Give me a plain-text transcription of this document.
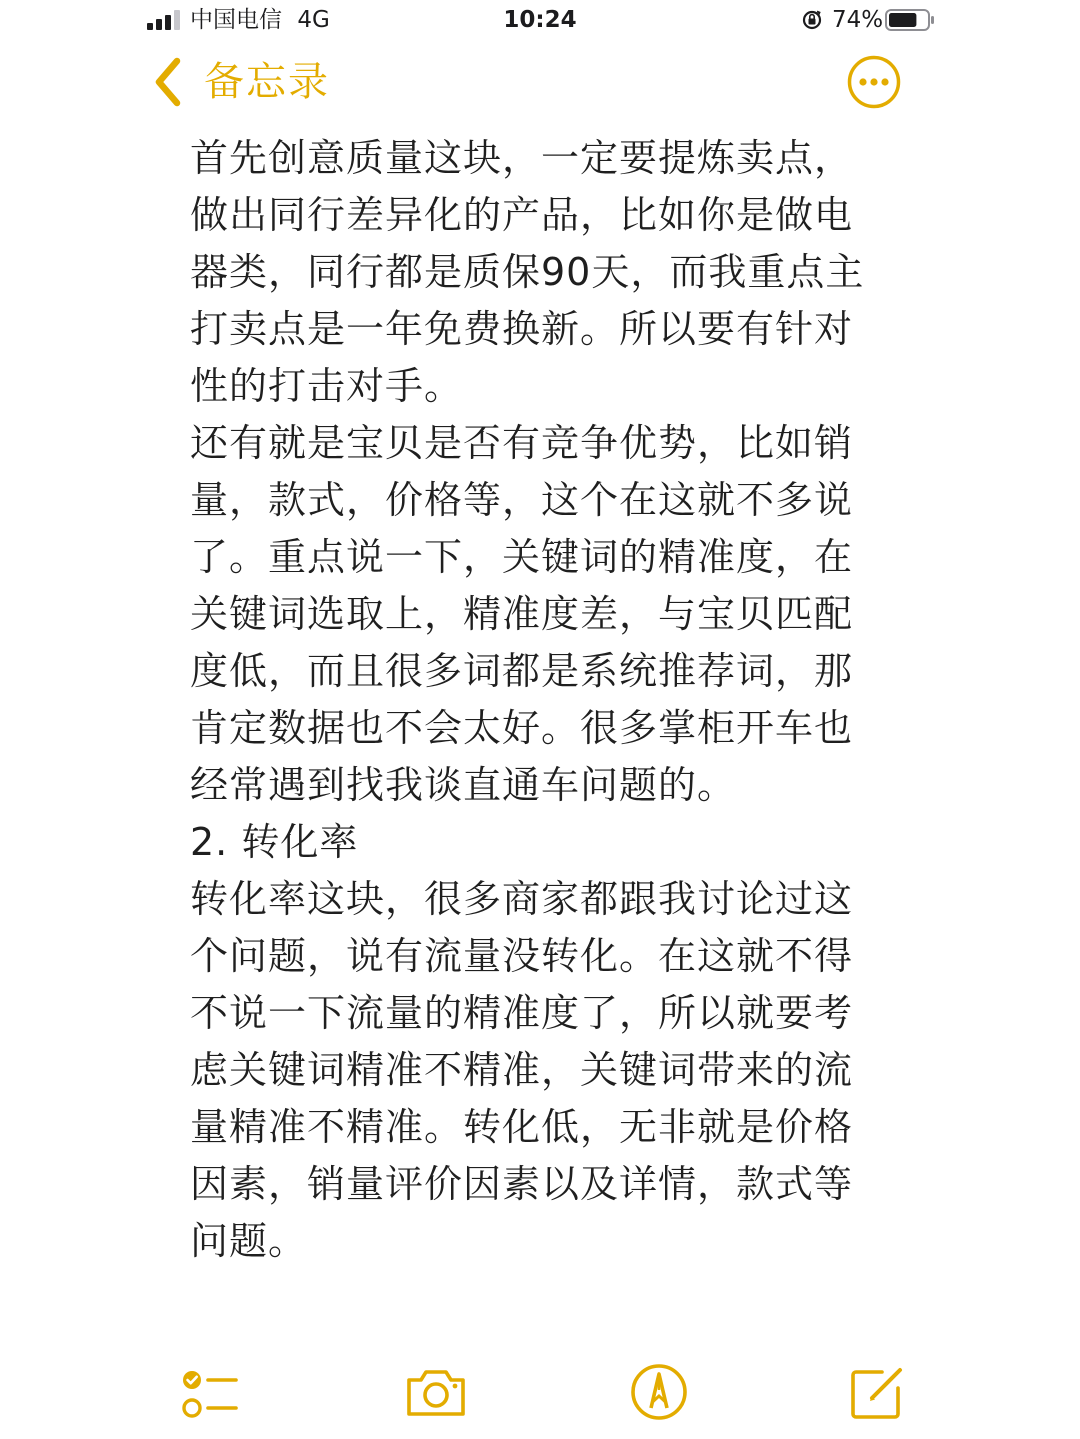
中国电信 4G	10:24	74%
备忘录

首先创意质量这块，一定要提炼卖点，做出同行差异化的产品，比如你是做电器类，同行都是质保90天，而我重点主打卖点是一年免费换新。所以要有针对性的打击对手。

还有就是宝贝是否有竞争优势，比如销量，款式，价格等，这个在这就不多说了。重点说一下，关键词的精准度，在关键词选取上，精准度差，与宝贝匹配度低，而且很多词都是系统推荐词，那肯定数据也不会太好。很多掌柜开车也经常遇到找我谈直通车问题的。

2. 转化率

转化率这块，很多商家都跟我讨论过这个问题，说有流量没转化。在这就不得不说一下流量的精准度了，所以就要考虑关键词精准不精准，关键词带来的流量精准不精准。转化低，无非就是价格因素，销量评价因素以及详情，款式等问题。
